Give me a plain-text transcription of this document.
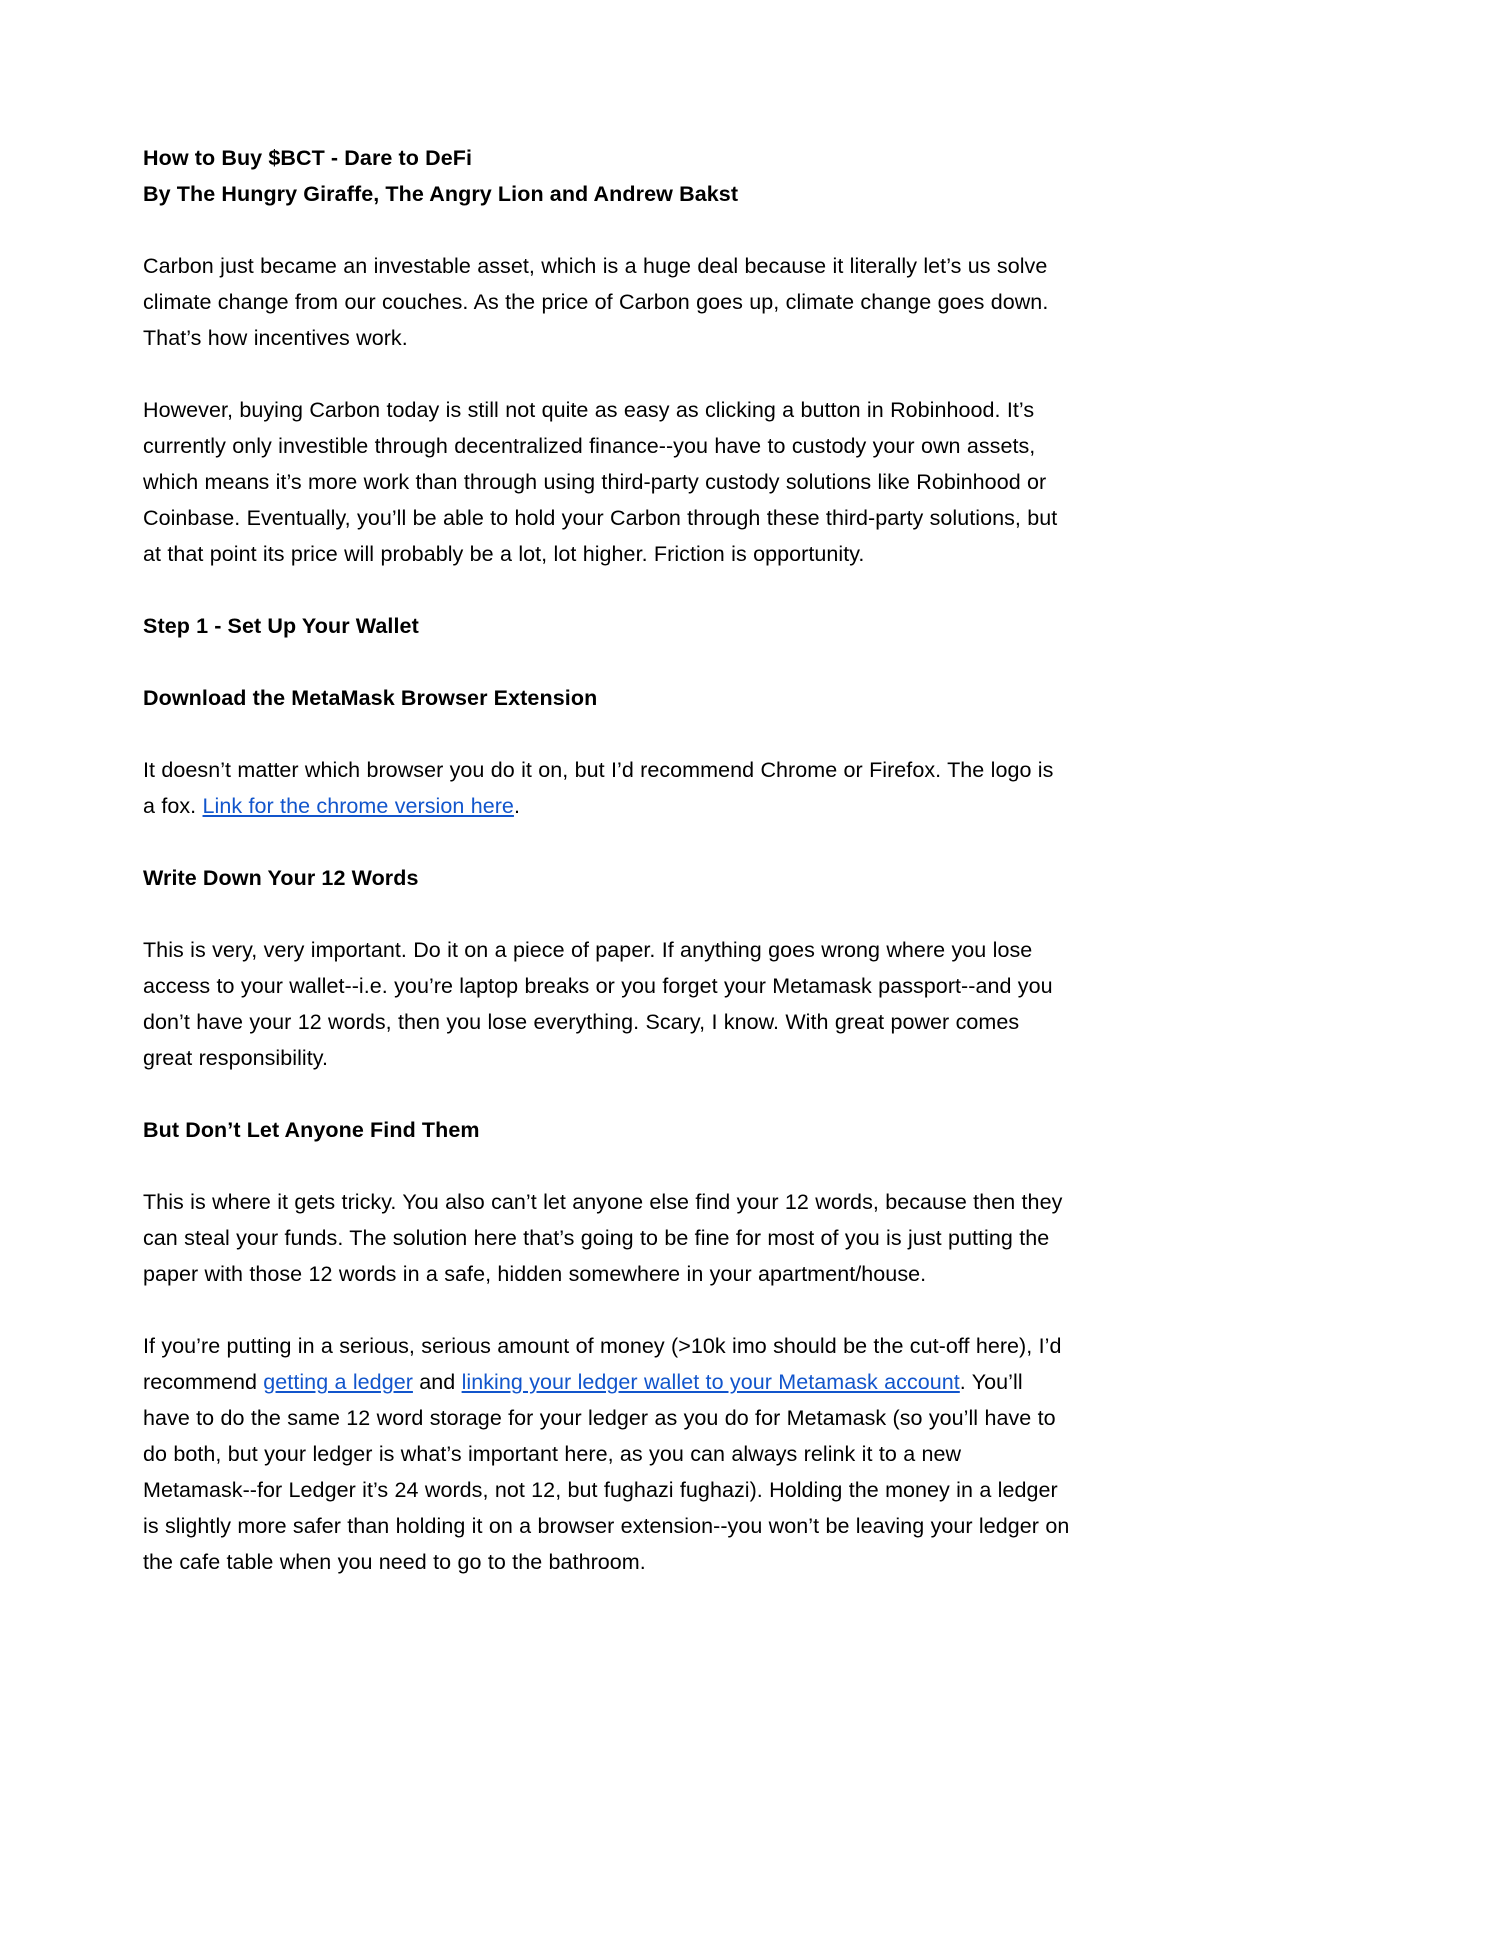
How to Buy $BCT - Dare to DeFi
By The Hungry Giraffe, The Angry Lion and Andrew Bakst

Carbon just became an investable asset, which is a huge deal because it literally let’s us solve climate change from our couches. As the price of Carbon goes up, climate change goes down. That’s how incentives work.

However, buying Carbon today is still not quite as easy as clicking a button in Robinhood. It’s currently only investible through decentralized finance--you have to custody your own assets, which means it’s more work than through using third-party custody solutions like Robinhood or Coinbase. Eventually, you’ll be able to hold your Carbon through these third-party solutions, but at that point its price will probably be a lot, lot higher. Friction is opportunity.

Step 1 - Set Up Your Wallet
Download the MetaMask Browser Extension

It doesn’t matter which browser you do it on, but I’d recommend Chrome or Firefox. The logo is a fox. Link for the chrome version here.

Write Down Your 12 Words

This is very, very important. Do it on a piece of paper. If anything goes wrong where you lose access to your wallet--i.e. you’re laptop breaks or you forget your Metamask passport--and you don’t have your 12 words, then you lose everything. Scary, I know. With great power comes great responsibility.

But Don’t Let Anyone Find Them

This is where it gets tricky. You also can’t let anyone else find your 12 words, because then they can steal your funds. The solution here that’s going to be fine for most of you is just putting the paper with those 12 words in a safe, hidden somewhere in your apartment/house.

If you’re putting in a serious, serious amount of money (>10k imo should be the cut-off here), I’d recommend getting a ledger and linking your ledger wallet to your Metamask account. You’ll have to do the same 12 word storage for your ledger as you do for Metamask (so you’ll have to do both, but your ledger is what’s important here, as you can always relink it to a new Metamask--for Ledger it’s 24 words, not 12, but fughazi fughazi). Holding the money in a ledger is slightly more safer than holding it on a browser extension--you won’t be leaving your ledger on the cafe table when you need to go to the bathroom.
